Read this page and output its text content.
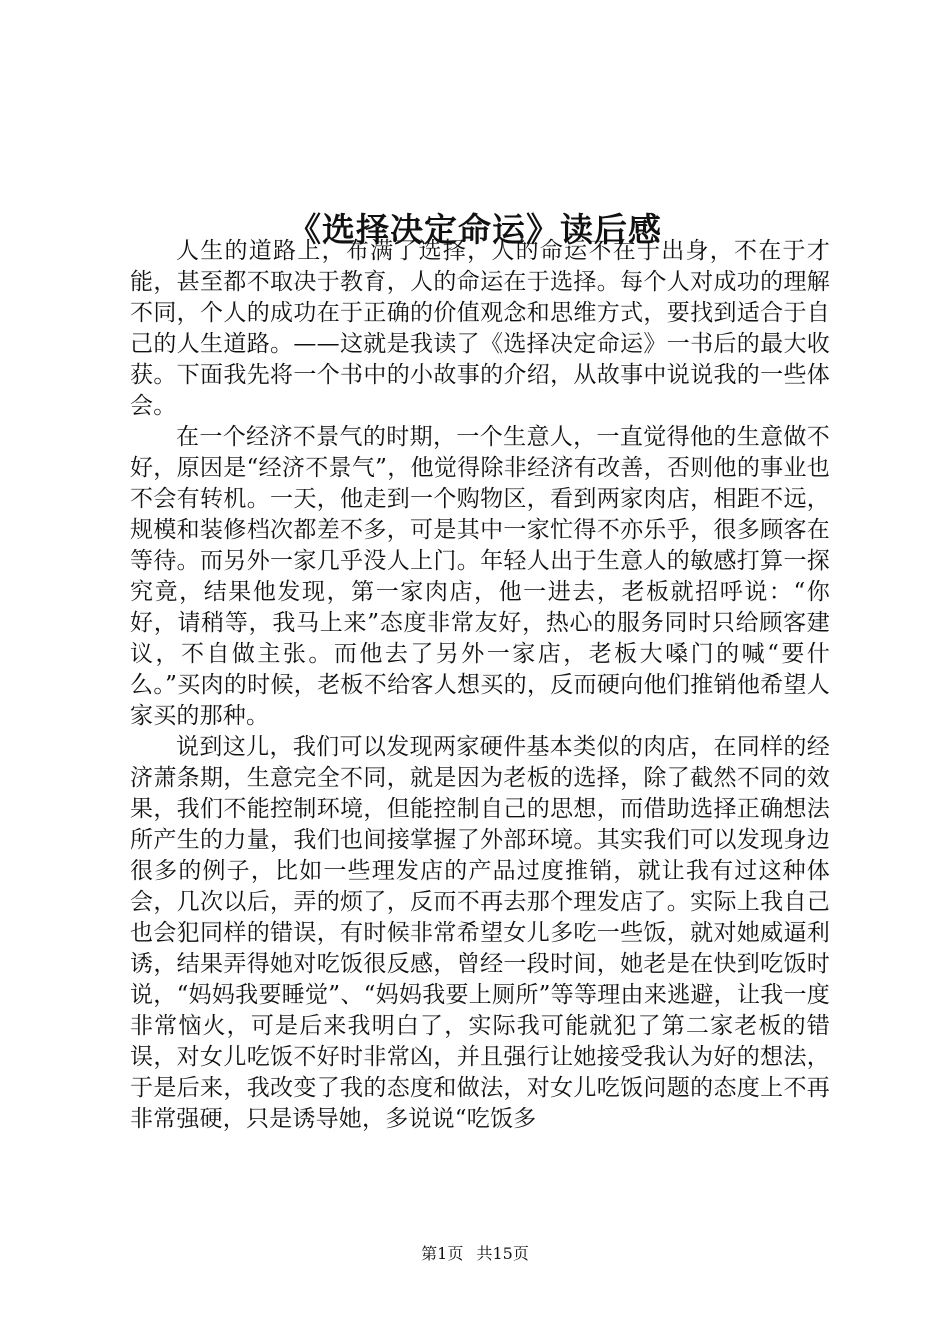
《选择决定命运》读后感

人生的道路上，布满了选择，人的命运不在于出身，不在于才能，甚至都不取决于教育，人的命运在于选择。每个人对成功的理解不同，个人的成功在于正确的价值观念和思维方式，要找到适合于自己的人生道路。——这就是我读了《选择决定命运》一书后的最大收获。下面我先将一个书中的小故事的介绍，从故事中说说我的一些体会。

在一个经济不景气的时期，一个生意人，一直觉得他的生意做不好，原因是“经济不景气”，他觉得除非经济有改善，否则他的事业也不会有转机。一天，他走到一个购物区，看到两家肉店，相距不远，规模和装修档次都差不多，可是其中一家忙得不亦乐乎，很多顾客在等待。而另外一家几乎没人上门。年轻人出于生意人的敏感打算一探究竟，结果他发现，第一家肉店，他一进去，老板就招呼说：“你好，请稍等，我马上来”态度非常友好，热心的服务同时只给顾客建议，不自做主张。而他去了另外一家店，老板大嗓门的喊“要什么。”买肉的时候，老板不给客人想买的，反而硬向他们推销他希望人家买的那种。

说到这儿，我们可以发现两家硬件基本类似的肉店，在同样的经济萧条期，生意完全不同，就是因为老板的选择，除了截然不同的效果，我们不能控制环境，但能控制自己的思想，而借助选择正确想法所产生的力量，我们也间接掌握了外部环境。其实我们可以发现身边很多的例子，比如一些理发店的产品过度推销，就让我有过这种体会，几次以后，弄的烦了，反而不再去那个理发店了。实际上我自己也会犯同样的错误，有时候非常希望女儿多吃一些饭，就对她威逼利诱，结果弄得她对吃饭很反感，曾经一段时间，她老是在快到吃饭时说，“妈妈我要睡觉”、“妈妈我要上厕所”等等理由来逃避，让我一度非常恼火，可是后来我明白了，实际我可能就犯了第二家老板的错误，对女儿吃饭不好时非常凶，并且强行让她接受我认为好的想法，于是后来，我改变了我的态度和做法，对女儿吃饭问题的态度上不再非常强硬，只是诱导她，多说说“吃饭多

第1页 共15页
